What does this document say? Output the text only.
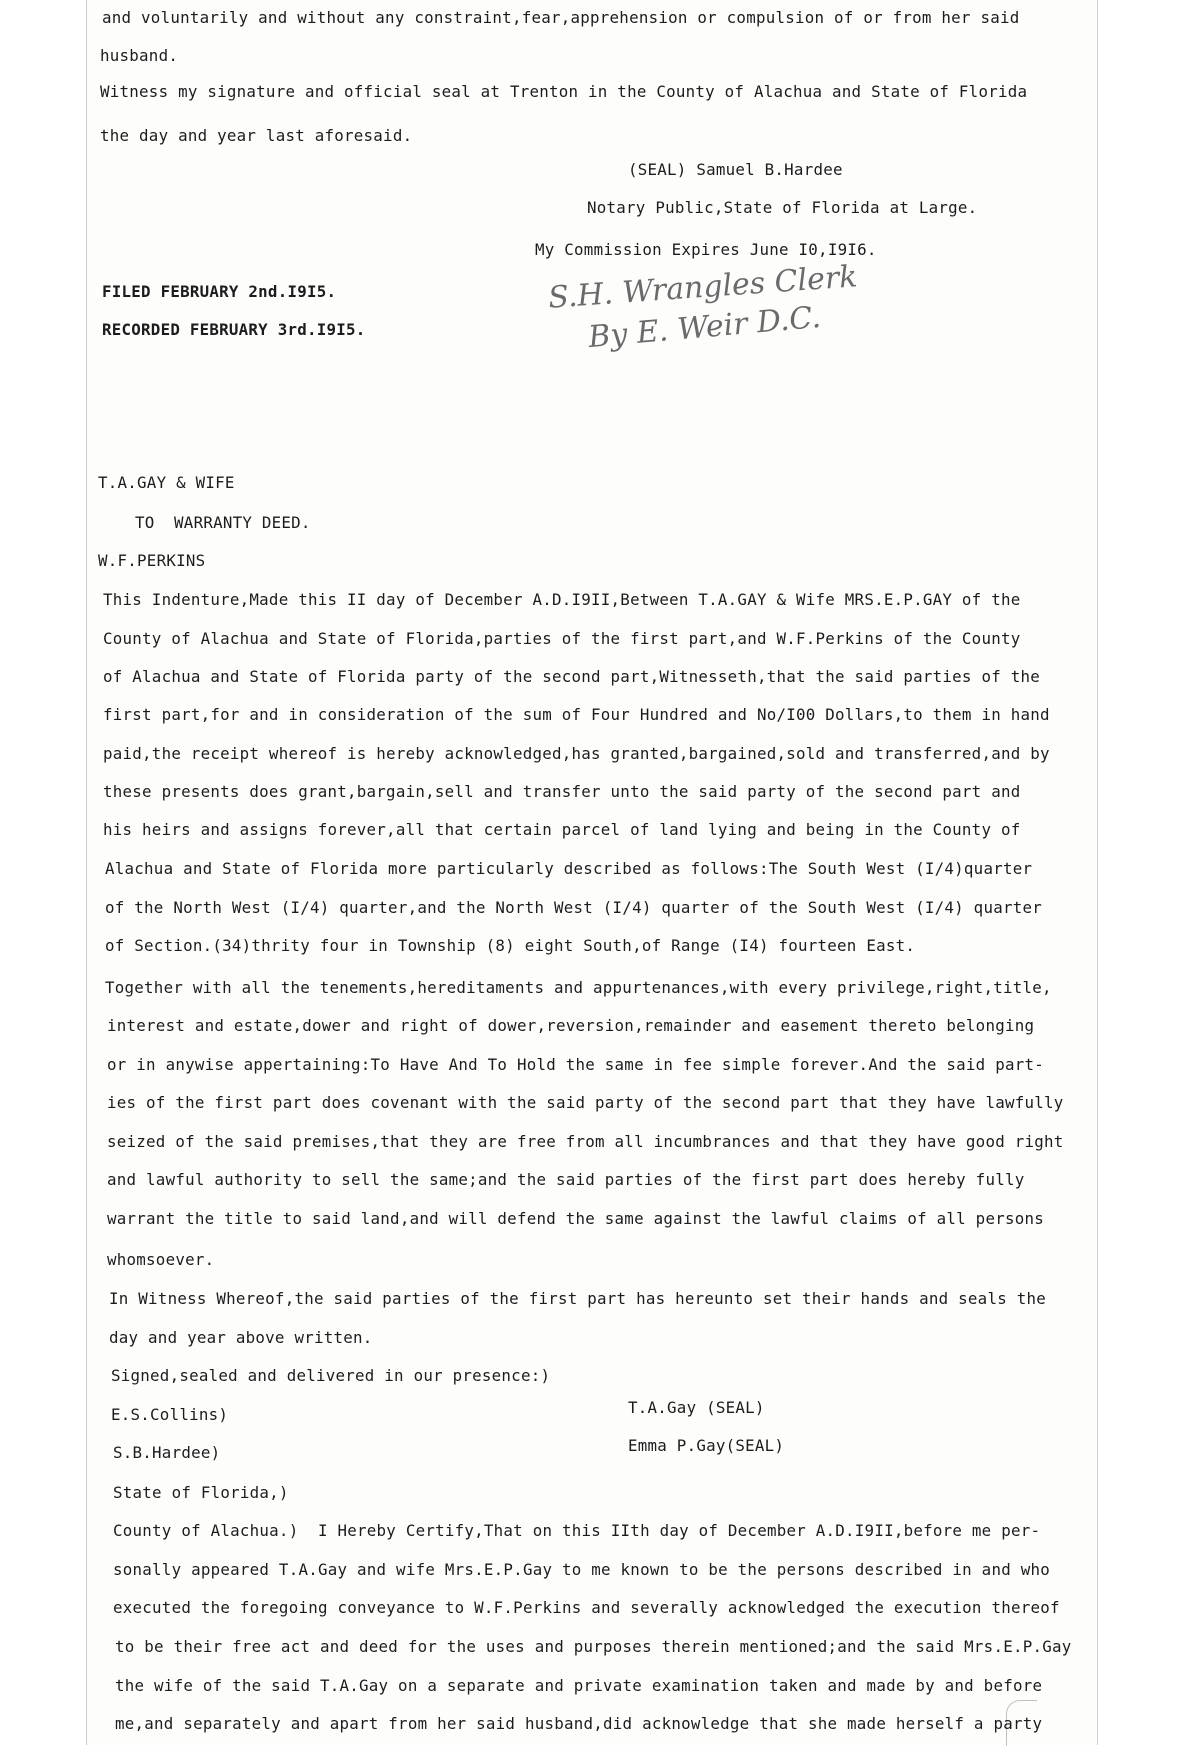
and voluntarily and without any constraint,fear,apprehension or compulsion of or from her said
husband.
Witness my signature and official seal at Trenton in the County of Alachua and State of Florida
the day and year last aforesaid.
(SEAL) Samuel B.Hardee
Notary Public,State of Florida at Large.
My Commission Expires June I0,I9I6.
FILED FEBRUARY 2nd.I9I5.
RECORDED FEBRUARY 3rd.I9I5.
S.H. Wrangles Clerk
By E. Weir D.C.
T.A.GAY & WIFE
TO  WARRANTY DEED.
W.F.PERKINS
This Indenture,Made this II day of December A.D.I9II,Between T.A.GAY & Wife MRS.E.P.GAY of the
County of Alachua and State of Florida,parties of the first part,and W.F.Perkins of the County
of Alachua and State of Florida party of the second part,Witnesseth,that the said parties of the
first part,for and in consideration of the sum of Four Hundred and No/I00 Dollars,to them in hand
paid,the receipt whereof is hereby acknowledged,has granted,bargained,sold and transferred,and by
these presents does grant,bargain,sell and transfer unto the said party of the second part and
his heirs and assigns forever,all that certain parcel of land lying and being in the County of
Alachua and State of Florida more particularly described as follows:The South West (I/4)quarter
of the North West (I/4) quarter,and the North West (I/4) quarter of the South West (I/4) quarter
of Section.(34)thrity four in Township (8) eight South,of Range (I4) fourteen East.
Together with all the tenements,hereditaments and appurtenances,with every privilege,right,title,
interest and estate,dower and right of dower,reversion,remainder and easement thereto belonging
or in anywise appertaining:To Have And To Hold the same in fee simple forever.And the said part-
ies of the first part does covenant with the said party of the second part that they have lawfully
seized of the said premises,that they are free from all incumbrances and that they have good right
and lawful authority to sell the same;and the said parties of the first part does hereby fully
warrant the title to said land,and will defend the same against the lawful claims of all persons
whomsoever.
In Witness Whereof,the said parties of the first part has hereunto set their hands and seals the
day and year above written.
Signed,sealed and delivered in our presence:)
E.S.Collins)	T.A.Gay (SEAL)
S.B.Hardee)	Emma P.Gay(SEAL)
State of Florida,)
County of Alachua.)  I Hereby Certify,That on this IIth day of December A.D.I9II,before me per-
sonally appeared T.A.Gay and wife Mrs.E.P.Gay to me known to be the persons described in and who
executed the foregoing conveyance to W.F.Perkins and severally acknowledged the execution thereof
to be their free act and deed for the uses and purposes therein mentioned;and the said Mrs.E.P.Gay
the wife of the said T.A.Gay on a separate and private examination taken and made by and before
me,and separately and apart from her said husband,did acknowledge that she made herself a party
